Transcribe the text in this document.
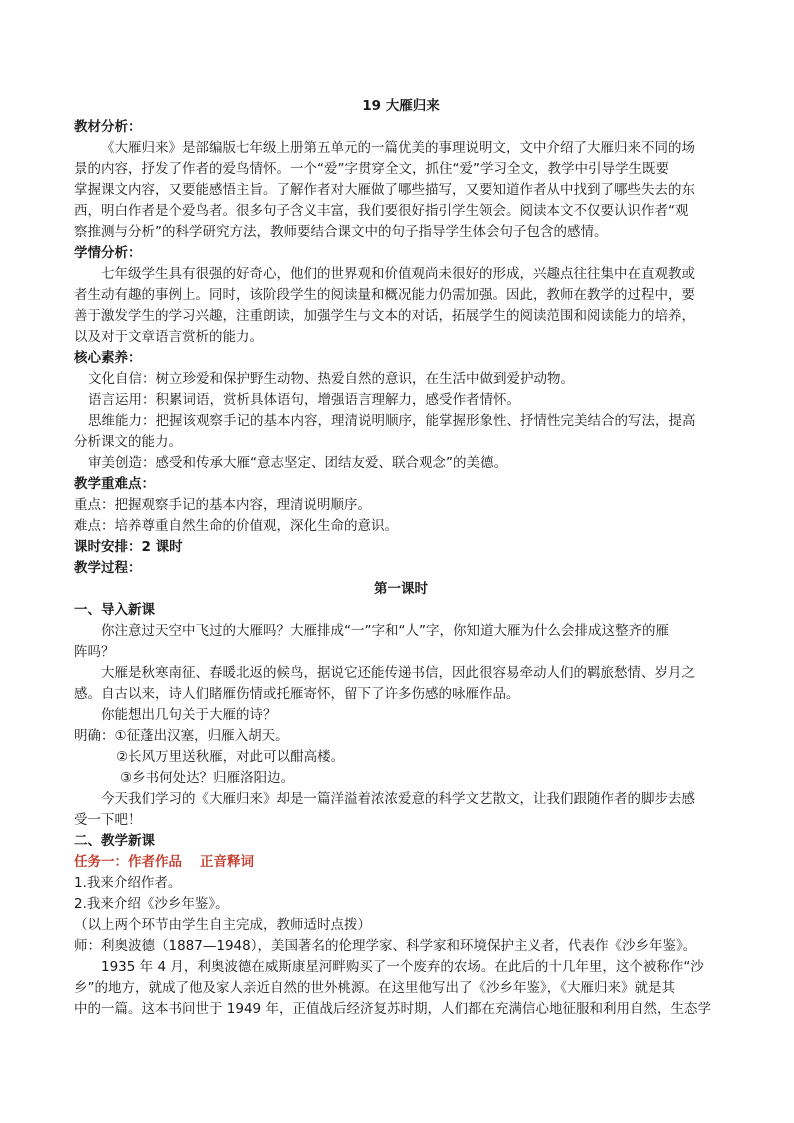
19 大雁归来
教材分析：
《大雁归来》是部编版七年级上册第五单元的一篇优美的事理说明文，文中介绍了大雁归来不同的场
景的内容，抒发了作者的爱鸟情怀。一个“爱”字贯穿全文，抓住“爱”学习全文，教学中引导学生既要
掌握课文内容，又要能感悟主旨。了解作者对大雁做了哪些描写，又要知道作者从中找到了哪些失去的东
西，明白作者是个爱鸟者。很多句子含义丰富，我们要很好指引学生领会。阅读本文不仅要认识作者“观
察推测与分析”的科学研究方法，教师要结合课文中的句子指导学生体会句子包含的感情。
学情分析：
七年级学生具有很强的好奇心，他们的世界观和价值观尚未很好的形成，兴趣点往往集中在直观教或
者生动有趣的事例上。同时，该阶段学生的阅读量和概况能力仍需加强。因此，教师在教学的过程中，要
善于激发学生的学习兴趣，注重朗读，加强学生与文本的对话，拓展学生的阅读范围和阅读能力的培养，
以及对于文章语言赏析的能力。
核心素养：
文化自信：树立珍爱和保护野生动物、热爱自然的意识，在生活中做到爱护动物。
语言运用：积累词语，赏析具体语句，增强语言理解力，感受作者情怀。
思维能力：把握该观察手记的基本内容，理清说明顺序，能掌握形象性、抒情性完美结合的写法，提高
分析课文的能力。
审美创造：感受和传承大雁“意志坚定、团结友爱、联合观念”的美德。
教学重难点：
重点：把握观察手记的基本内容，理清说明顺序。
难点：培养尊重自然生命的价值观，深化生命的意识。
课时安排：2 课时
教学过程：
第一课时
一、导入新课
你注意过天空中飞过的大雁吗？大雁排成“一”字和“人”字，你知道大雁为什么会排成这整齐的雁
阵吗？
大雁是秋寒南征、春暖北返的候鸟，据说它还能传递书信，因此很容易牵动人们的羁旅愁情、岁月之
感。自古以来，诗人们睹雁伤情或托雁寄怀，留下了许多伤感的咏雁作品。
你能想出几句关于大雁的诗？
明确：①征蓬出汉塞，归雁入胡天。
②长风万里送秋雁，对此可以酣高楼。
③乡书何处达？归雁洛阳边。
今天我们学习的《大雁归来》却是一篇洋溢着浓浓爱意的科学文艺散文，让我们跟随作者的脚步去感
受一下吧！
二、教学新课
任务一：作者作品 正音释词
1.我来介绍作者。
2.我来介绍《沙乡年鉴》。
（以上两个环节由学生自主完成，教师适时点拨）
师：利奥波德（1887—1948），美国著名的伦理学家、科学家和环境保护主义者，代表作《沙乡年鉴》。
1935 年 4 月，利奥波德在威斯康星河畔购买了一个废弃的农场。在此后的十几年里，这个被称作“沙
乡”的地方，就成了他及家人亲近自然的世外桃源。在这里他写出了《沙乡年鉴》，《大雁归来》就是其
中的一篇。这本书问世于 1949 年，正值战后经济复苏时期，人们都在充满信心地征服和利用自然，生态学
